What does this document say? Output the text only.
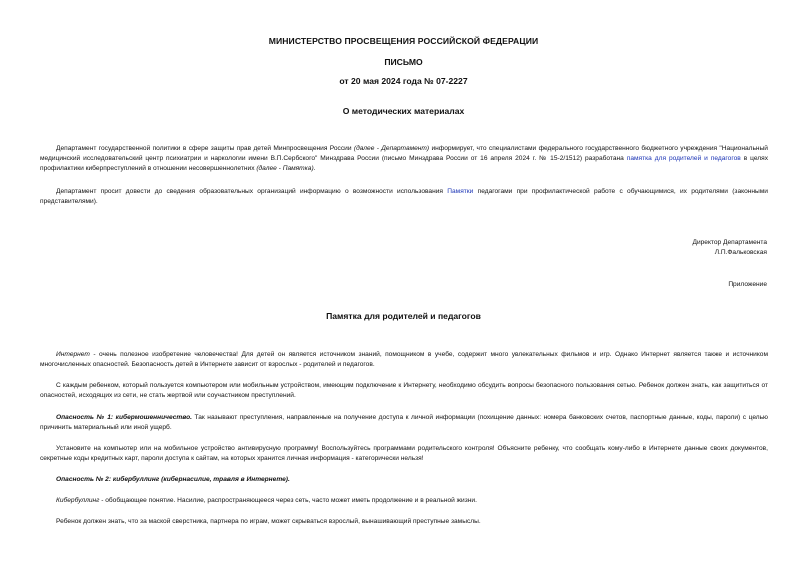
МИНИСТЕРСТВО ПРОСВЕЩЕНИЯ РОССИЙСКОЙ ФЕДЕРАЦИИ
ПИСЬМО
от 20 мая 2024 года № 07-2227
О методических материалах
Департамент государственной политики в сфере защиты прав детей Минпросвещения России (далее - Департамент) информирует, что специалистами федерального государственного бюджетного учреждения "Национальный медицинский исследовательский центр психиатрии и наркологии имени В.П.Сербского" Минздрава России (письмо Минздрава России от 16 апреля 2024 г. № 15-2/1512) разработана памятка для родителей и педагогов в целях профилактики киберпреступлений в отношении несовершеннолетних (далее - Памятка).
Департамент просит довести до сведения образовательных организаций информацию о возможности использования Памятки педагогами при профилактической работе с обучающимися, их родителями (законными представителями).
Директор Департамента
Л.П.Фальковская
Приложение
Памятка для родителей и педагогов
Интернет - очень полезное изобретение человечества! Для детей он является источником знаний, помощником в учебе, содержит много увлекательных фильмов и игр. Однако Интернет является также и источником многочисленных опасностей. Безопасность детей в Интернете зависит от взрослых - родителей и педагогов.
С каждым ребенком, который пользуется компьютером или мобильным устройством, имеющим подключение к Интернету, необходимо обсудить вопросы безопасного пользования сетью. Ребенок должен знать, как защититься от опасностей, исходящих из сети, не стать жертвой или соучастником преступлений.
Опасность № 1: кибермошенничество. Так называют преступления, направленные на получение доступа к личной информации (похищение данных: номера банковских счетов, паспортные данные, коды, пароли) с целью причинить материальный или иной ущерб.
Установите на компьютер или на мобильное устройство антивирусную программу! Воспользуйтесь программами родительского контроля! Объясните ребенку, что сообщать кому-либо в Интернете данные своих документов, секретные коды кредитных карт, пароли доступа к сайтам, на которых хранится личная информация - категорически нельзя!
Опасность № 2: кибербуллинг (кибернасилие, травля в Интернете).
Кибербуллинг - обобщающее понятие. Насилие, распространяющееся через сеть, часто может иметь продолжение и в реальной жизни.
Ребенок должен знать, что за маской сверстника, партнера по играм, может скрываться взрослый, вынашивающий преступные замыслы.
